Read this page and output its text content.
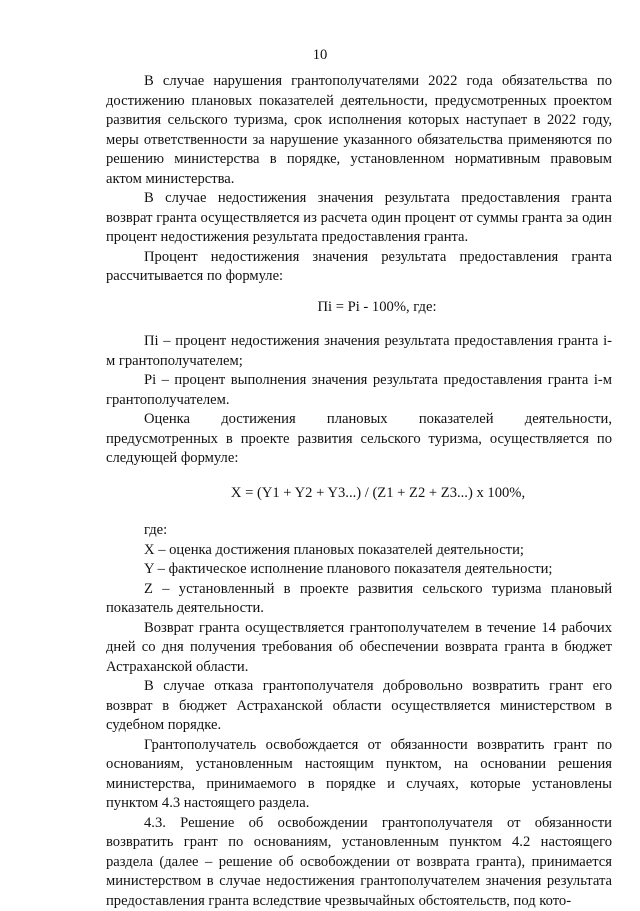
10

В случае нарушения грантополучателями 2022 года обязательства по достижению плановых показателей деятельности, предусмотренных проектом развития сельского туризма, срок исполнения которых наступает в 2022 году, меры ответственности за нарушение указанного обязательства применяются по решению министерства в порядке, установленном нормативным правовым актом министерства.

В случае недостижения значения результата предоставления гранта возврат гранта осуществляется из расчета один процент от суммы гранта за один процент недостижения результата предоставления гранта.

Процент недостижения значения результата предоставления гранта рассчитывается по формуле:

Пi = Pi - 100%, где:

Пi – процент недостижения значения результата предоставления гранта i-м грантополучателем;

Pi – процент выполнения значения результата предоставления гранта i-м грантополучателем.

Оценка достижения плановых показателей деятельности, предусмотренных в проекте развития сельского туризма, осуществляется по следующей формуле:

X = (Y1 + Y2 + Y3...) / (Z1 + Z2 + Z3...) x 100%,

где:

X – оценка достижения плановых показателей деятельности;

Y – фактическое исполнение планового показателя деятельности;

Z – установленный в проекте развития сельского туризма плановый показатель деятельности.

Возврат гранта осуществляется грантополучателем в течение 14 рабочих дней со дня получения требования об обеспечении возврата гранта в бюджет Астраханской области.

В случае отказа грантополучателя добровольно возвратить грант его возврат в бюджет Астраханской области осуществляется министерством в судебном порядке.

Грантополучатель освобождается от обязанности возвратить грант по основаниям, установленным настоящим пунктом, на основании решения министерства, принимаемого в порядке и случаях, которые установлены пунктом 4.3 настоящего раздела.

4.3. Решение об освобождении грантополучателя от обязанности возвратить грант по основаниям, установленным пунктом 4.2 настоящего раздела (далее – решение об освобождении от возврата гранта), принимается министерством в случае недостижения грантополучателем значения результата предоставления гранта вследствие чрезвычайных обстоятельств, под кото-
